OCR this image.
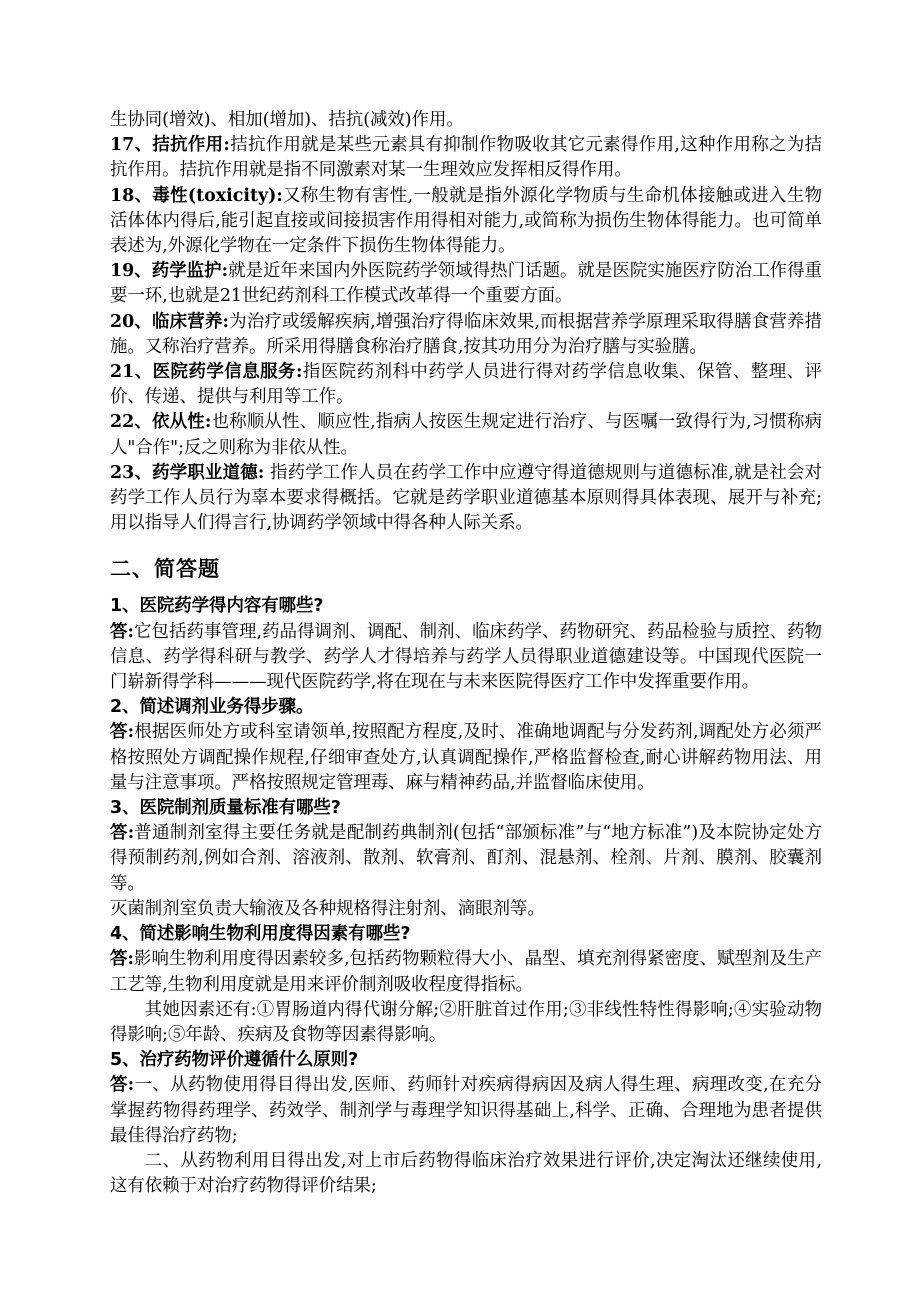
生协同(增效)、相加(增加)、拮抗(减效)作用。

17、拮抗作用:拮抗作用就是某些元素具有抑制作物吸收其它元素得作用,这种作用称之为拮抗作用。拮抗作用就是指不同激素对某一生理效应发挥相反得作用。

18、毒性(toxicity):又称生物有害性,一般就是指外源化学物质与生命机体接触或进入生物活体体内得后,能引起直接或间接损害作用得相对能力,或简称为损伤生物体得能力。也可简单表述为,外源化学物在一定条件下损伤生物体得能力。

19、药学监护:就是近年来国内外医院药学领域得热门话题。就是医院实施医疗防治工作得重要一环,也就是21世纪药剂科工作模式改革得一个重要方面。

20、临床营养:为治疗或缓解疾病,增强治疗得临床效果,而根据营养学原理采取得膳食营养措施。又称治疗营养。所采用得膳食称治疗膳食,按其功用分为治疗膳与实验膳。

21、医院药学信息服务:指医院药剂科中药学人员进行得对药学信息收集、保管、整理、评价、传递、提供与利用等工作。

22、依从性:也称顺从性、顺应性,指病人按医生规定进行治疗、与医嘱一致得行为,习惯称病人"合作";反之则称为非依从性。

23、药学职业道德: 指药学工作人员在药学工作中应遵守得道德规则与道德标准,就是社会对药学工作人员行为辜本要求得概括。它就是药学职业道德基本原则得具体表现、展开与补充;用以指导人们得言行,协调药学领域中得各种人际关系。

二、简答题

1、医院药学得内容有哪些?

答:它包括药事管理,药品得调剂、调配、制剂、临床药学、药物研究、药品检验与质控、药物信息、药学得科研与教学、药学人才得培养与药学人员得职业道德建设等。中国现代医院一门崭新得学科———现代医院药学,将在现在与未来医院得医疗工作中发挥重要作用。

2、简述调剂业务得步骤。

答:根据医师处方或科室请领单,按照配方程度,及时、准确地调配与分发药剂,调配处方必须严格按照处方调配操作规程,仔细审查处方,认真调配操作,严格监督检查,耐心讲解药物用法、用量与注意事项。严格按照规定管理毒、麻与精神药品,并监督临床使用。

3、医院制剂质量标准有哪些?

答:普通制剂室得主要任务就是配制药典制剂(包括“部颁标准”与“地方标准”)及本院协定处方得预制药剂,例如合剂、溶液剂、散剂、软膏剂、酊剂、混悬剂、栓剂、片剂、膜剂、胶囊剂等。

灭菌制剂室负责大输液及各种规格得注射剂、滴眼剂等。

4、简述影响生物利用度得因素有哪些?

答:影响生物利用度得因素较多,包括药物颗粒得大小、晶型、填充剂得紧密度、赋型剂及生产工艺等,生物利用度就是用来评价制剂吸收程度得指标。

其她因素还有:①胃肠道内得代谢分解;②肝脏首过作用;③非线性特性得影响;④实验动物得影响;⑤年龄、疾病及食物等因素得影响。

5、治疗药物评价遵循什么原则?

答:一、从药物使用得目得出发,医师、药师针对疾病得病因及病人得生理、病理改变,在充分掌握药物得药理学、药效学、制剂学与毒理学知识得基础上,科学、正确、合理地为患者提供最佳得治疗药物;

二、从药物利用目得出发,对上市后药物得临床治疗效果进行评价,决定淘汰还继续使用,这有依赖于对治疗药物得评价结果;
